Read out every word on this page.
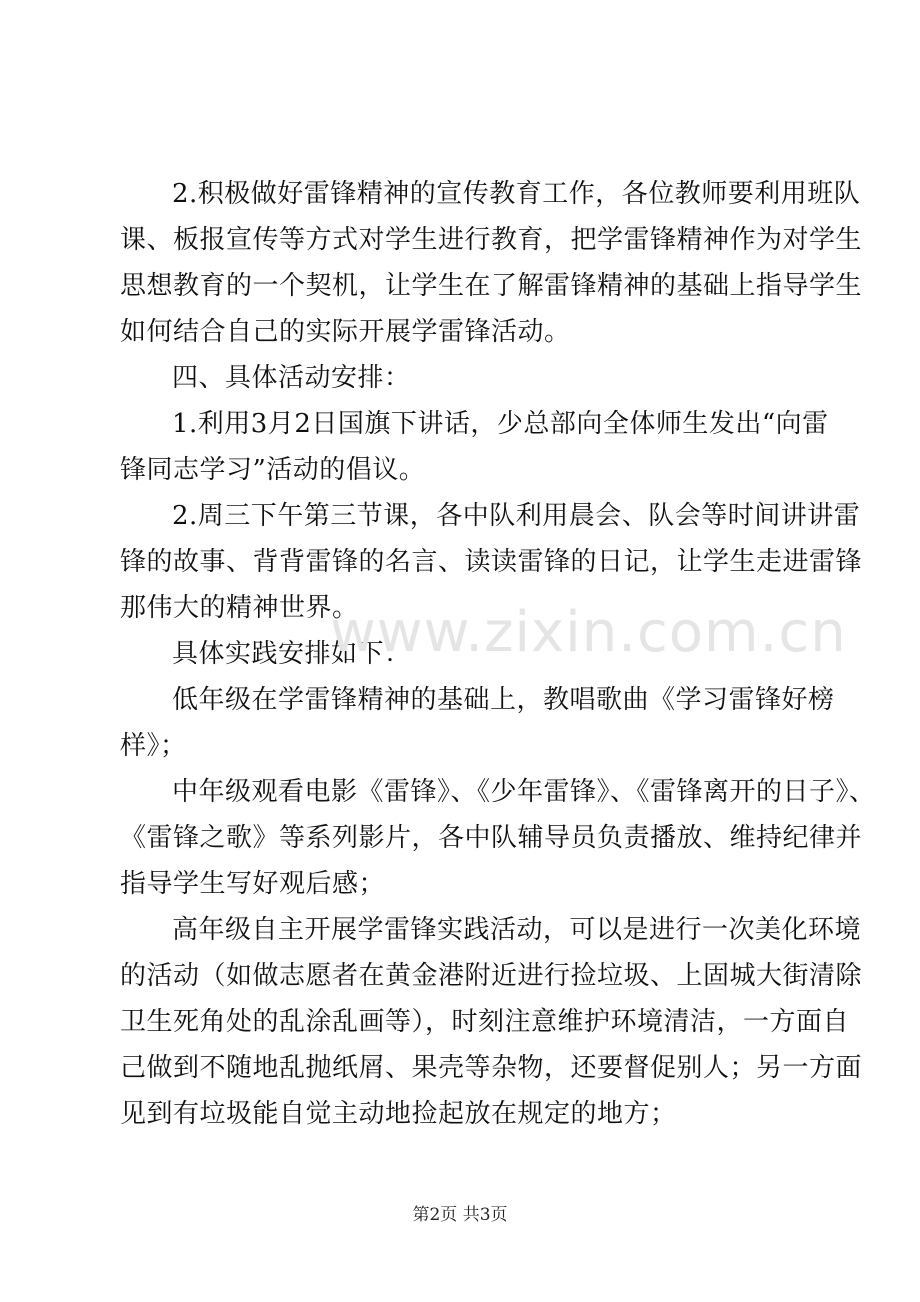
2.积极做好雷锋精神的宣传教育工作，各位教师要利用班队
课、板报宣传等方式对学生进行教育，把学雷锋精神作为对学生
思想教育的一个契机，让学生在了解雷锋精神的基础上指导学生
如何结合自己的实际开展学雷锋活动。
四、具体活动安排：
1.利用3月2日国旗下讲话，少总部向全体师生发出“向雷
锋同志学习”活动的倡议。
2.周三下午第三节课，各中队利用晨会、队会等时间讲讲雷
锋的故事、背背雷锋的名言、读读雷锋的日记，让学生走进雷锋
那伟大的精神世界。
具体实践安排如下：
低年级在学雷锋精神的基础上，教唱歌曲《学习雷锋好榜
样》；
中年级观看电影《雷锋》、《少年雷锋》、《雷锋离开的日子》、
《雷锋之歌》等系列影片，各中队辅导员负责播放、维持纪律并
指导学生写好观后感；
高年级自主开展学雷锋实践活动，可以是进行一次美化环境
的活动（如做志愿者在黄金港附近进行捡垃圾、上固城大街清除
卫生死角处的乱涂乱画等），时刻注意维护环境清洁，一方面自
己做到不随地乱抛纸屑、果壳等杂物，还要督促别人；另一方面
见到有垃圾能自觉主动地捡起放在规定的地方；
www.zixin.com.cn
第2页 共3页
